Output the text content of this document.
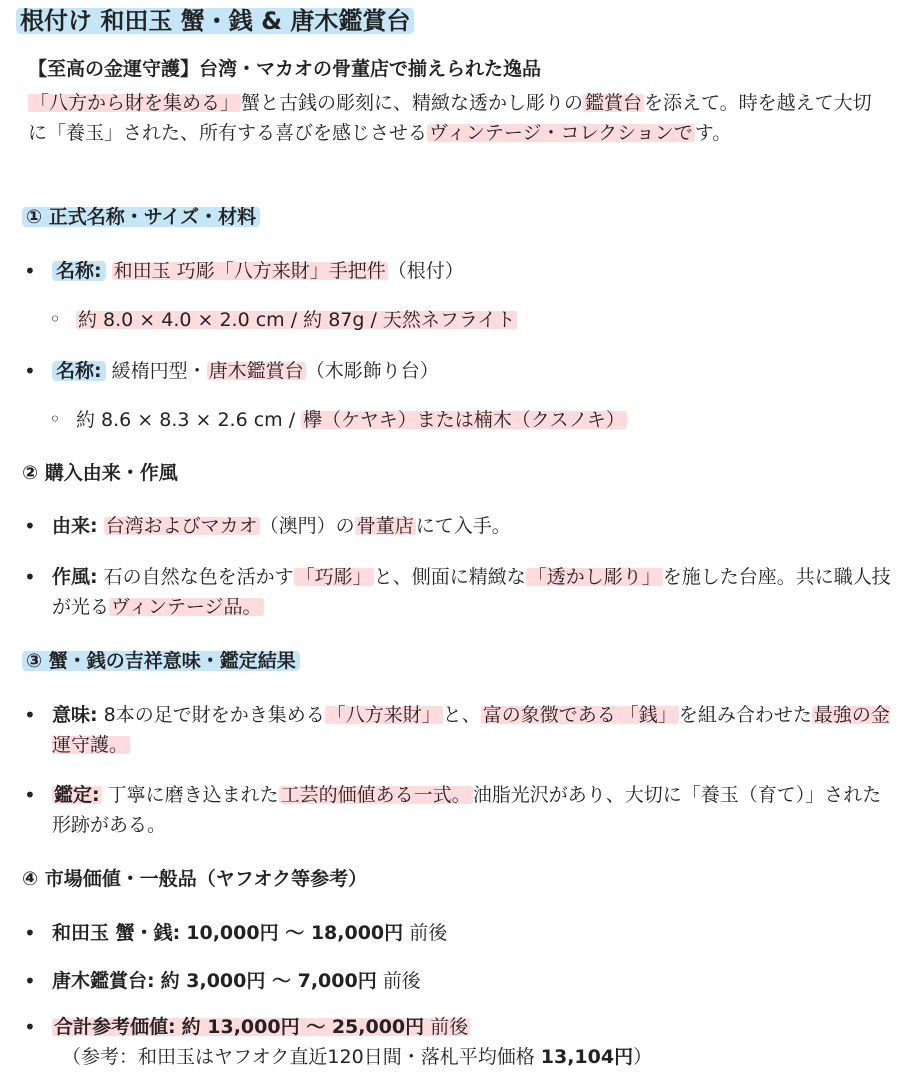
根付け 和田玉 蟹・銭 & 唐木鑑賞台
【至高の金運守護】台湾・マカオの骨董店で揃えられた逸品
「八方から財を集める」 蟹と古銭の彫刻に、精緻な透かし彫りの 鑑賞台 を添えて。時を越えて大切に「養玉」された、所有する喜びを感じさせる ヴィンテージ・コレクションで す。
① 正式名称・サイズ・材料
• 名称: 和田玉 巧彫「八方来財」手把件 （根付）
◦ 約 8.0 × 4.0 × 2.0 cm / 約 87g / 天然ネフライト
• 名称: 緩楕円型・ 唐木鑑賞台 （木彫飾り台）
◦ 約 8.6 × 8.3 × 2.6 cm / 欅（ケヤキ）または楠木（クスノキ）
② 購入由来・作風
• 由来: 台湾およびマカオ （澳門）の 骨董店 にて入手。
• 作風: 石の自然な色を活かす 「巧彫」 と、側面に精緻な 「透かし彫り」 を施した台座。共に職人技が光る ヴィンテージ品。
③ 蟹・銭の吉祥意味・鑑定結果
• 意味: 8本の足で財をかき集める 「八方来財」 と、 富の象徴である 「銭」 を組み合わせた 最強の金運守護。
• 鑑定: 丁寧に磨き込まれた 工芸的価値ある一式。 油脂光沢があり、大切に「養玉（育て）」された形跡がある。
④ 市場価値・一般品（ヤフオク等参考）
• 和田玉 蟹・銭: 10,000円 〜 18,000円 前後
• 唐木鑑賞台: 約 3,000円 〜 7,000円 前後
• 合計参考価値: 約 13,000円 〜 25,000円 前後
（参考：和田玉はヤフオク直近120日間・落札平均価格 13,104円）
